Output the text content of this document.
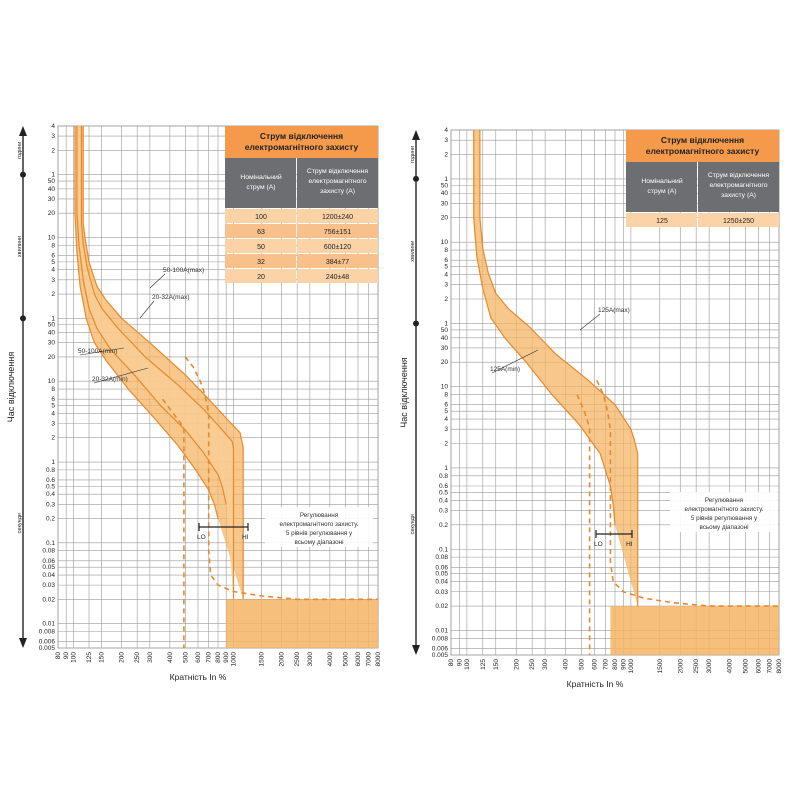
50-100A(max)
20-32A(max)
50-100A(min)
20-32A(min)
4
3
2
1
50
40
30
20
10
8
6
5
4
3
2
1
50
40
30
20
10
8
6
5
4
3
2
1
0.8
0.6
0.5
0.4
0.3
0.2
0.1
0.08
0.06
0.05
0.04
0.03
0.02
0.01
0.008
0.006
0.005
80 90 100 125 150 200 250 300 400 500 600 700 800 900 1000	1500 2000 2500 3000 4000 5000 6000 7000 8000
Кратність In %
години
хвилини
секунди
Час відключення
LO	HI
Регулювання
електромагнітного захисту.
5 рівнів регулювання у
всьому діапазоні
Струм відключення
електромагнітного захисту
Номінальний
струм (А)
Струм відключення
електромагнітного
захисту (А)
100	1200±240
63	756±151
50	600±120
32	384±77
20	240±48
125A(max)
125A(min)
4
3
2
1
50
40
30
20
10
8
6
5
4
3
2
1
50
40
30
20
10
8
6
5
4
3
2
1
0.8
0.6
0.5
0.4
0.3
0.2
0.1
0.08
0.06
0.05
0.04
0.03
0.02
0.01
0.008
0.006
0.005
80 90 100 125 150 200 250 300 400 500 600 700 800 900 1000	1500 2000 2500 3000 4000 5000 6000 7000 8000
Кратність In %
години
хвилини
секунди
Час відключення
LO	HI
Регулювання
електромагнітного захисту.
5 рівнів регулювання у
всьому діапазоні
Струм відключення
електромагнітного захисту
Номінальний
струм (А)
Струм відключення
електромагнітного
захисту (А)
125	1250±250
